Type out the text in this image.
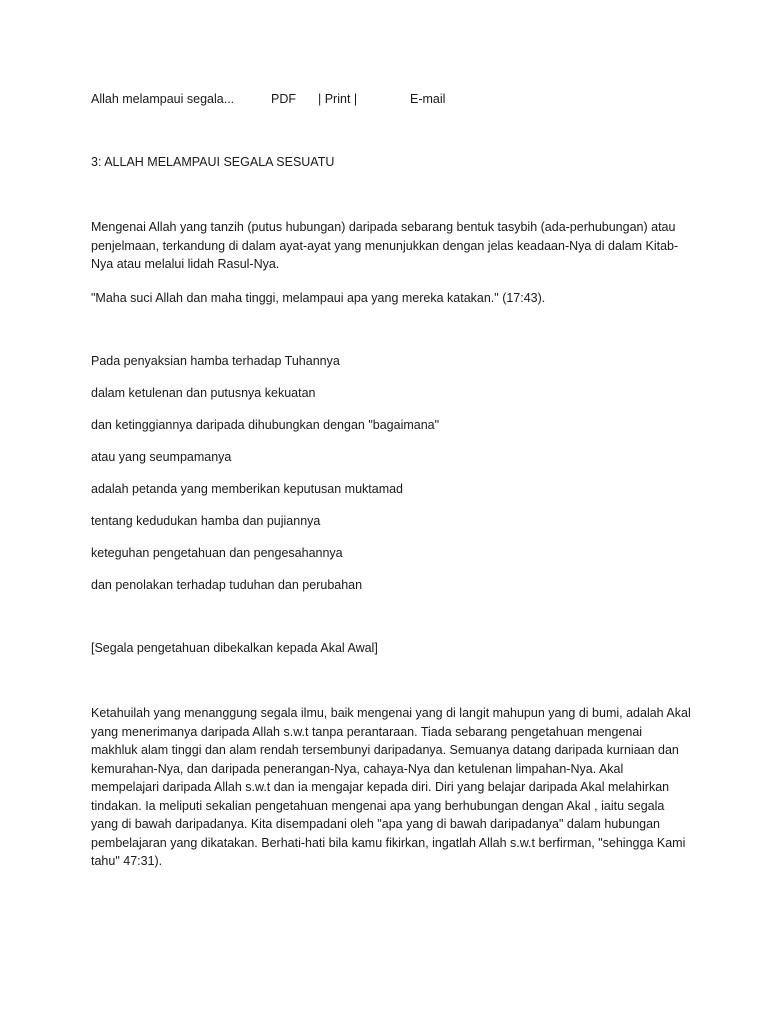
Allah melampaui segala...	PDF | Print |	E-mail

3: ALLAH MELAMPAUI SEGALA SESUATU

Mengenai Allah yang tanzih (putus hubungan) daripada sebarang bentuk tasybih (ada-perhubungan) atau penjelmaan, terkandung di dalam ayat-ayat yang menunjukkan dengan jelas keadaan-Nya di dalam Kitab-Nya atau melalui lidah Rasul-Nya.

"Maha suci Allah dan maha tinggi, melampaui apa yang mereka katakan." (17:43).

Pada penyaksian hamba terhadap Tuhannya

dalam ketulenan dan putusnya kekuatan

dan ketinggiannya daripada dihubungkan dengan "bagaimana"

atau yang seumpamanya

adalah petanda yang memberikan keputusan muktamad

tentang kedudukan hamba dan pujiannya

keteguhan pengetahuan dan pengesahannya

dan penolakan terhadap tuduhan dan perubahan

[Segala pengetahuan dibekalkan kepada Akal Awal]

Ketahuilah yang menanggung segala ilmu, baik mengenai yang di langit mahupun yang di bumi, adalah Akal yang menerimanya daripada Allah s.w.t tanpa perantaraan. Tiada sebarang pengetahuan mengenai makhluk alam tinggi dan alam rendah tersembunyi daripadanya. Semuanya datang daripada kurniaan dan kemurahan-Nya, dan daripada penerangan-Nya, cahaya-Nya dan ketulenan limpahan-Nya. Akal mempelajari daripada Allah s.w.t dan ia mengajar kepada diri. Diri yang belajar daripada Akal melahirkan tindakan. Ia meliputi sekalian pengetahuan mengenai apa yang berhubungan dengan Akal , iaitu segala yang di bawah daripadanya. Kita disempadani oleh "apa yang di bawah daripadanya" dalam hubungan pembelajaran yang dikatakan. Berhati-hati bila kamu fikirkan, ingatlah Allah s.w.t berfirman, "sehingga Kami tahu" 47:31).
